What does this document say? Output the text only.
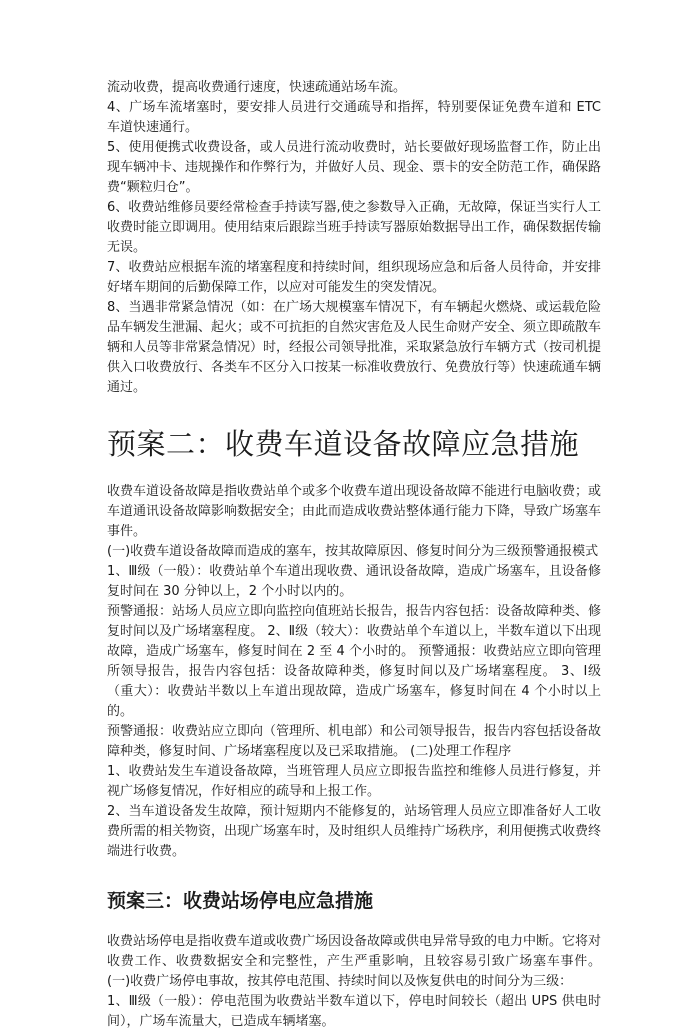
流动收费，提高收费通行速度，快速疏通站场车流。

4、广场车流堵塞时，要安排人员进行交通疏导和指挥，特别要保证免费车道和 ETC 车道快速通行。

5、使用便携式收费设备，或人员进行流动收费时，站长要做好现场监督工作，防止出现车辆冲卡、违规操作和作弊行为，并做好人员、现金、票卡的安全防范工作，确保路费“颗粒归仓”。

6、收费站维修员要经常检查手持读写器,使之参数导入正确，无故障，保证当实行人工收费时能立即调用。使用结束后跟踪当班手持读写器原始数据导出工作，确保数据传输无误。

7、收费站应根据车流的堵塞程度和持续时间，组织现场应急和后备人员待命，并安排好堵车期间的后勤保障工作，以应对可能发生的突发情况。

8、当遇非常紧急情况（如：在广场大规模塞车情况下，有车辆起火燃烧、或运载危险品车辆发生泄漏、起火；或不可抗拒的自然灾害危及人民生命财产安全、须立即疏散车辆和人员等非常紧急情况）时，经报公司领导批准，采取紧急放行车辆方式（按司机提供入口收费放行、各类车不区分入口按某一标准收费放行、免费放行等）快速疏通车辆通过。

预案二：收费车道设备故障应急措施

收费车道设备故障是指收费站单个或多个收费车道出现设备故障不能进行电脑收费；或车道通讯设备故障影响数据安全；由此而造成收费站整体通行能力下降，导致广场塞车事件。

(一)收费车道设备故障而造成的塞车，按其故障原因、修复时间分为三级预警通报模式

1、Ⅲ级（一般）：收费站单个车道出现收费、通讯设备故障，造成广场塞车，且设备修复时间在 30 分钟以上，2 个小时以内的。

预警通报：站场人员应立即向监控向值班站长报告，报告内容包括：设备故障种类、修复时间以及广场堵塞程度。 2、Ⅱ级（较大）：收费站单个车道以上，半数车道以下出现故障，造成广场塞车，修复时间在 2 至 4 个小时的。 预警通报：收费站应立即向管理所领导报告，报告内容包括：设备故障种类，修复时间以及广场堵塞程度。 3、Ⅰ级（重大）：收费站半数以上车道出现故障，造成广场塞车，修复时间在 4 个小时以上的。

预警通报：收费站应立即向（管理所、机电部）和公司领导报告，报告内容包括设备故障种类，修复时间、广场堵塞程度以及已采取措施。 (二)处理工作程序

1、收费站发生车道设备故障，当班管理人员应立即报告监控和维修人员进行修复，并视广场修复情况，作好相应的疏导和上报工作。

2、当车道设备发生故障，预计短期内不能修复的，站场管理人员应立即准备好人工收费所需的相关物资，出现广场塞车时，及时组织人员维持广场秩序，利用便携式收费终端进行收费。

预案三：收费站场停电应急措施

收费站场停电是指收费车道或收费广场因设备故障或供电异常导致的电力中断。它将对收费工作、收费数据安全和完整性，产生严重影响，且较容易引致广场塞车事件。 (一)收费广场停电事故，按其停电范围、持续时间以及恢复供电的时间分为三级：

1、Ⅲ级（一般）：停电范围为收费站半数车道以下，停电时间较长（超出 UPS 供电时间），广场车流量大，已造成车辆堵塞。
